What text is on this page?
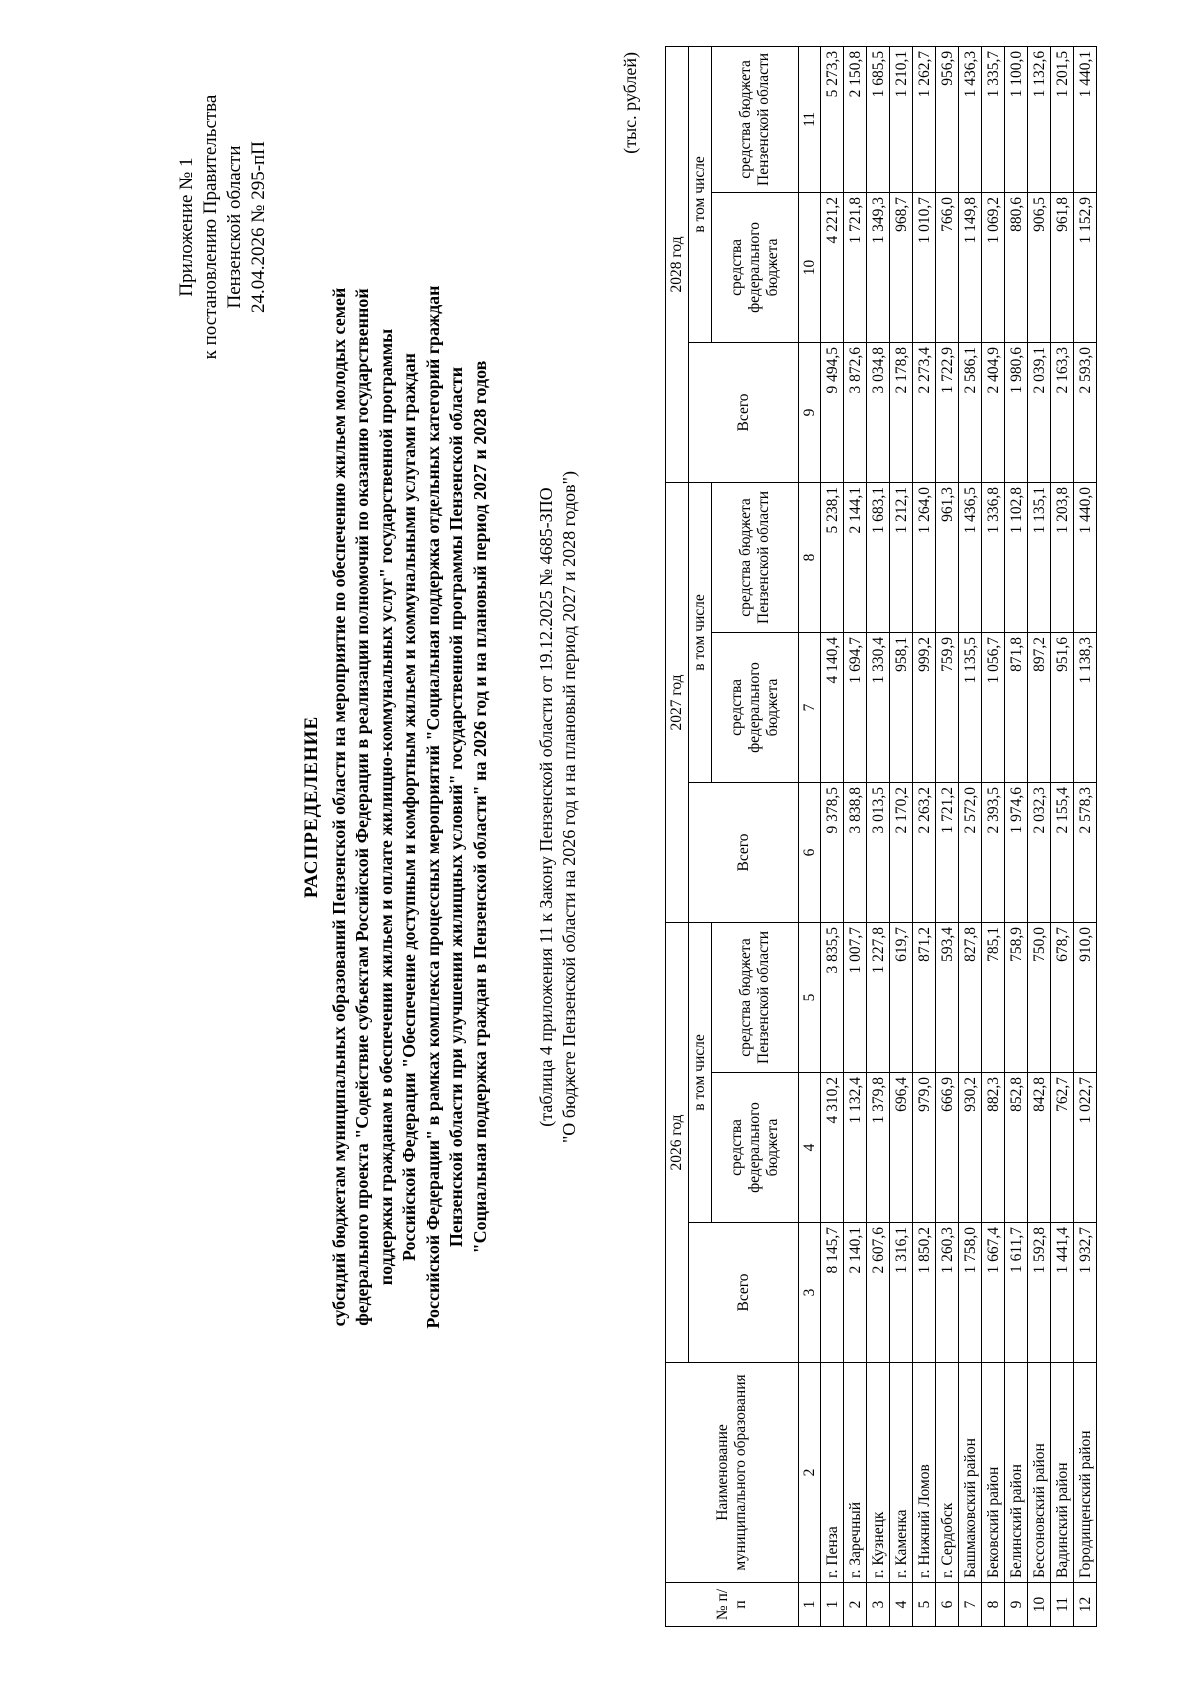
Приложение № 1 к постановлению Правительства Пензенской области 24.04.2026 № 295-пП
РАСПРЕДЕЛЕНИЕ субсидий бюджетам муниципальных образований Пензенской области на мероприятие по обеспечению жильем молодых семей федерального проекта "Содействие субъектам Российской Федерации в реализации полномочий по оказанию государственной поддержки гражданам в обеспечении жильем и оплате жилищно-коммунальных услуг" государственной программы Российской Федерации "Обеспечение доступным и комфортным жильем и коммунальными услугами граждан Российской Федерации" в рамках комплекса процессных мероприятий "Социальная поддержка отдельных категорий граждан Пензенской области при улучшении жилищных условий" государственной программы Пензенской области "Социальная поддержка граждан в Пензенской области" на 2026 год и на плановый период 2027 и 2028 годов	(таблица 4 приложения 11 к Закону Пензенской области от 19.12.2025 № 4685-ЗПО "О бюджете Пензенской области на 2026 год и на плановый период 2027 и 2028 годов")
(тыс. рублей)
№ п/п	Наименование муниципального образования	2026 год			2027 год			2028 год		
		Всего	в том числе		Всего	в том числе		Всего	в том числе	
			средства федерального бюджета	средства бюджета Пензенской области		средства федерального бюджета	средства бюджета Пензенской области		средства федерального бюджета	средства бюджета Пензенской области
1	2	3	4	5	6	7	8	9	10	11
1	г. Пенза	8 145,7	4 310,2	3 835,5	9 378,5	4 140,4	5 238,1	9 494,5	4 221,2	5 273,3
2	г. Заречный	2 140,1	1 132,4	1 007,7	3 838,8	1 694,7	2 144,1	3 872,6	1 721,8	2 150,8
3	г. Кузнецк	2 607,6	1 379,8	1 227,8	3 013,5	1 330,4	1 683,1	3 034,8	1 349,3	1 685,5
4	г. Каменка	1 316,1	696,4	619,7	2 170,2	958,1	1 212,1	2 178,8	968,7	1 210,1
5	г. Нижний Ломов	1 850,2	979,0	871,2	2 263,2	999,2	1 264,0	2 273,4	1 010,7	1 262,7
6	г. Сердобск	1 260,3	666,9	593,4	1 721,2	759,9	961,3	1 722,9	766,0	956,9
7	Башмаковский район	1 758,0	930,2	827,8	2 572,0	1 135,5	1 436,5	2 586,1	1 149,8	1 436,3
8	Бековский район	1 667,4	882,3	785,1	2 393,5	1 056,7	1 336,8	2 404,9	1 069,2	1 335,7
9	Белинский район	1 611,7	852,8	758,9	1 974,6	871,8	1 102,8	1 980,6	880,6	1 100,0
10	Бессоновский район	1 592,8	842,8	750,0	2 032,3	897,2	1 135,1	2 039,1	906,5	1 132,6
11	Вадинский район	1 441,4	762,7	678,7	2 155,4	951,6	1 203,8	2 163,3	961,8	1 201,5
12	Городищенский район	1 932,7	1 022,7	910,0	2 578,3	1 138,3	1 440,0	2 593,0	1 152,9	1 440,1
